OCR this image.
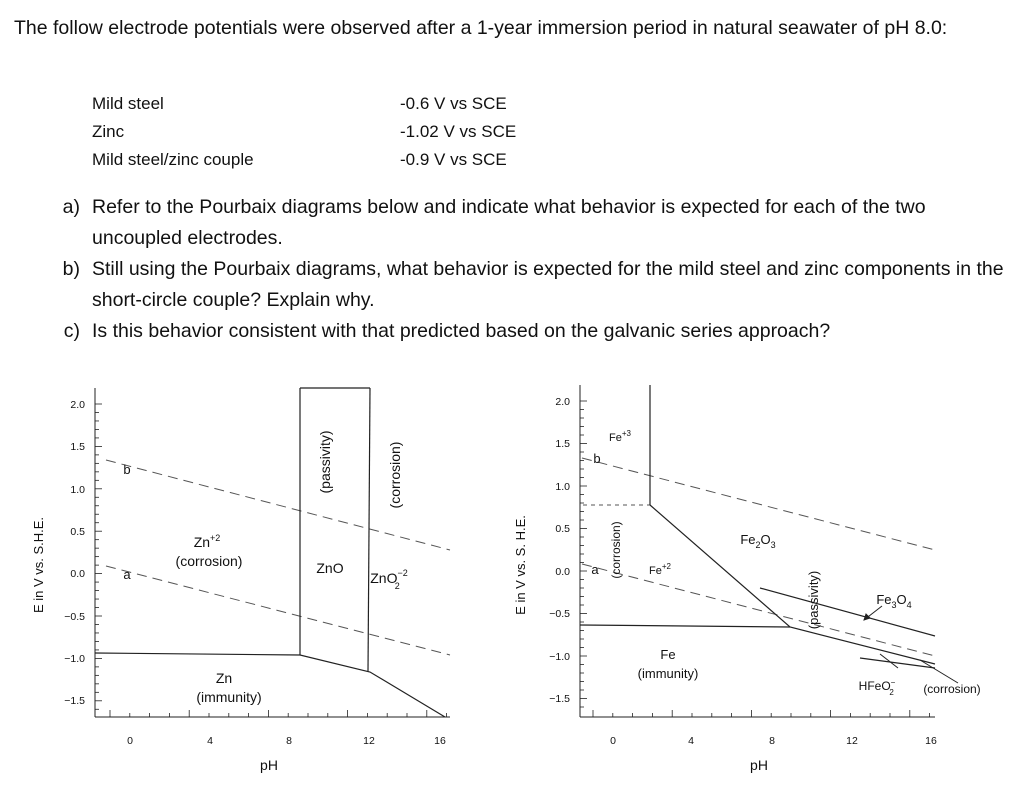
The follow electrode potentials were observed after a 1-year immersion period in natural seawater of pH 8.0:

Mild steel	-0.6 V vs SCE
Zinc	-1.02 V vs SCE
Mild steel/zinc couple	-0.9 V vs SCE
a) Refer to the Pourbaix diagrams below and indicate what behavior is expected for each of the two uncoupled electrodes.
b) Still using the Pourbaix diagrams, what behavior is expected for the mild steel and zinc components in the short-circle couple? Explain why.
c) Is this behavior consistent with that predicted based on the galvanic series approach?
2.0
1.5
1.0
0.5
0.0
−0.5
−1.0
−1.5
0	4	8	12	16
pH
E in V vs. S.H.E.
b
a
$Zn^{+2}$
(corrosion)	ZnO
ZnO$^{-2}$ 2
Zn
(immunity)
(passivity)	(corrosion)
2.0
1.5
1.0
0.5
0.0
−0.5
−1.0
−1.5
0	4	8	12	16
pH
E in V vs. S. H.E.
b
a (corrosion)
$Fe^{+3}$
$Fe^{+2}$
$Fe_2O_3$
(passivity)	$Fe_3O_4$
Fe
(immunity)
HFeO− 2 (corrosion)
